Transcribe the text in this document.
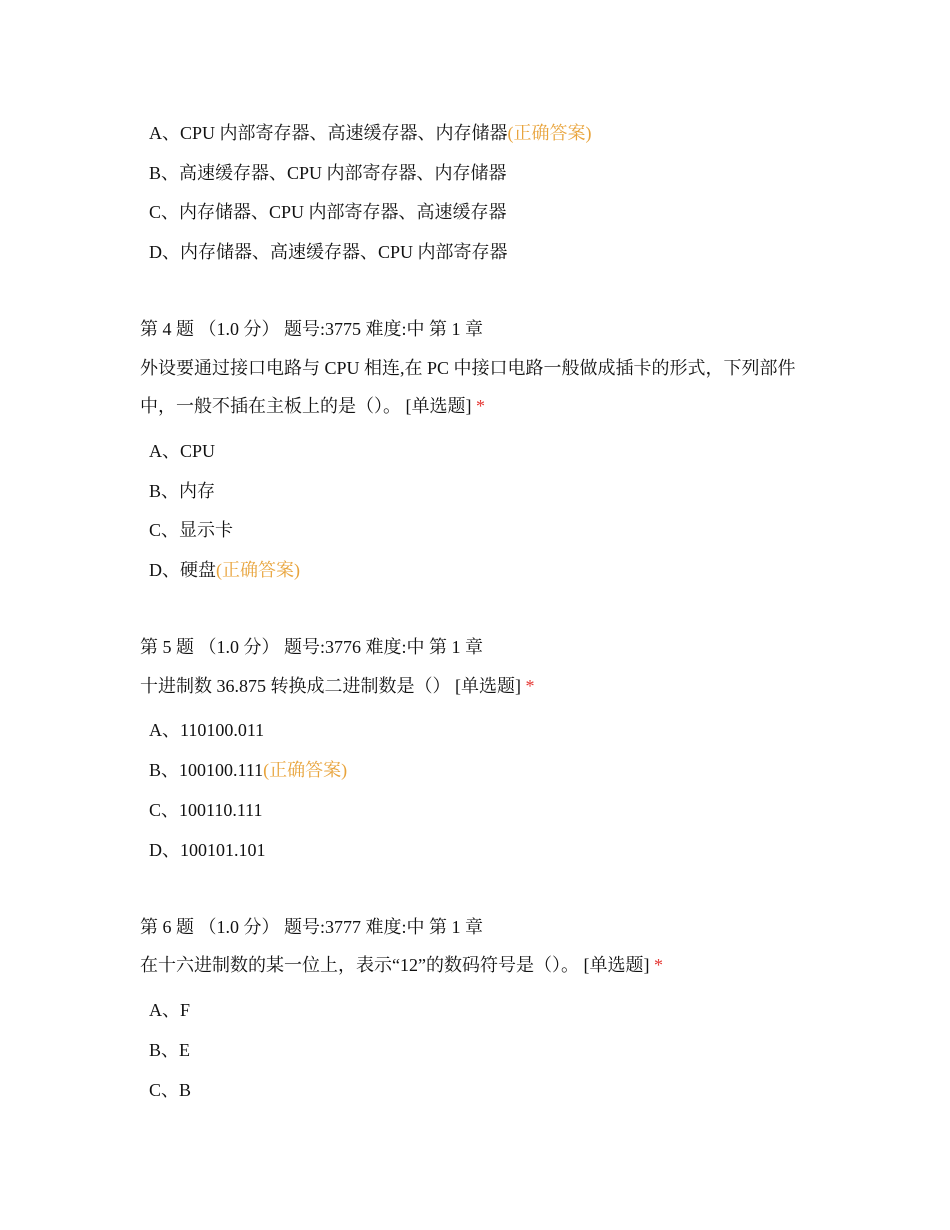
A、CPU 内部寄存器、高速缓存器、内存储器(正确答案)
B、高速缓存器、CPU 内部寄存器、内存储器
C、内存储器、CPU 内部寄存器、高速缓存器
D、内存储器、高速缓存器、CPU 内部寄存器
第 4 题 （1.0 分） 题号:3775 难度:中 第 1 章
外设要通过接口电路与 CPU 相连,在 PC 中接口电路一般做成插卡的形式，下列部件中，一般不插在主板上的是（）。 [单选题] *
A、CPU
B、内存
C、显示卡
D、硬盘(正确答案)
第 5 题 （1.0 分） 题号:3776 难度:中 第 1 章
十进制数 36.875 转换成二进制数是（） [单选题] *
A、110100.011
B、100100.111(正确答案)
C、100110.111
D、100101.101
第 6 题 （1.0 分） 题号:3777 难度:中 第 1 章
在十六进制数的某一位上，表示“12”的数码符号是（）。 [单选题] *
A、F
B、E
C、B
